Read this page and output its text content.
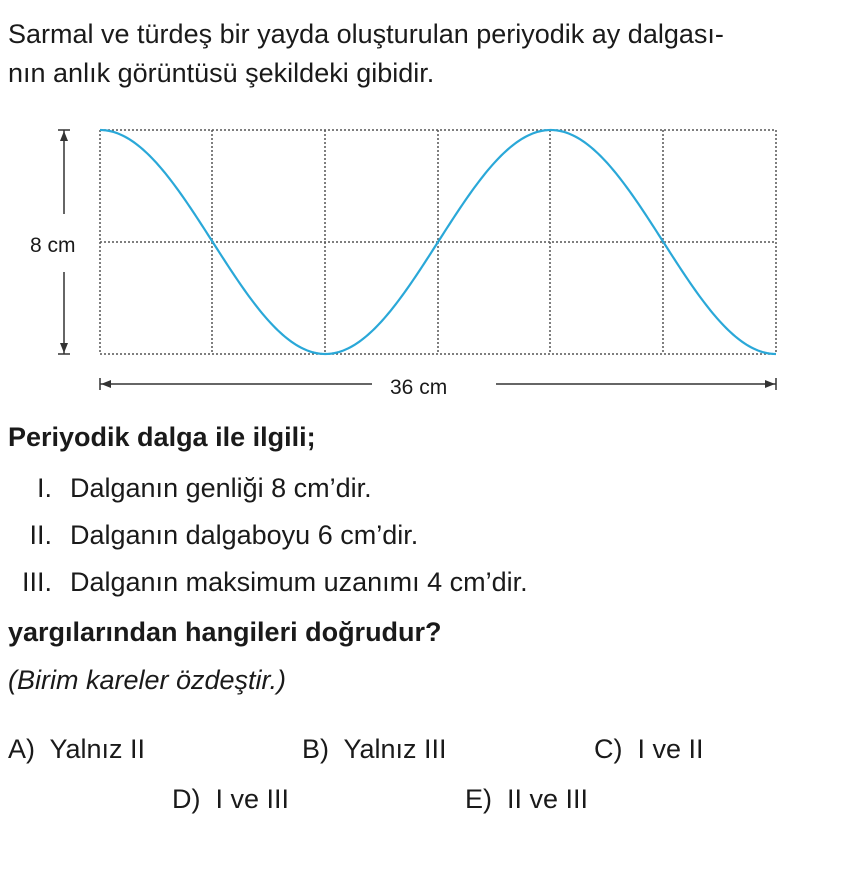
Sarmal ve türdeş bir yayda oluşturulan periyodik ay dalgası-
nın anlık görüntüsü şekildeki gibidir.
8 cm
36 cm
Periyodik dalga ile ilgili;
I. Dalganın genliği 8 cm’dir.
II. Dalganın dalgaboyu 6 cm’dir.
III. Dalganın maksimum uzanımı 4 cm’dir.
yargılarından hangileri doğrudur?
(Birim kareler özdeştir.)
A) Yalnız II	B) Yalnız III	C) I ve II
D) I ve III	E) II ve III
